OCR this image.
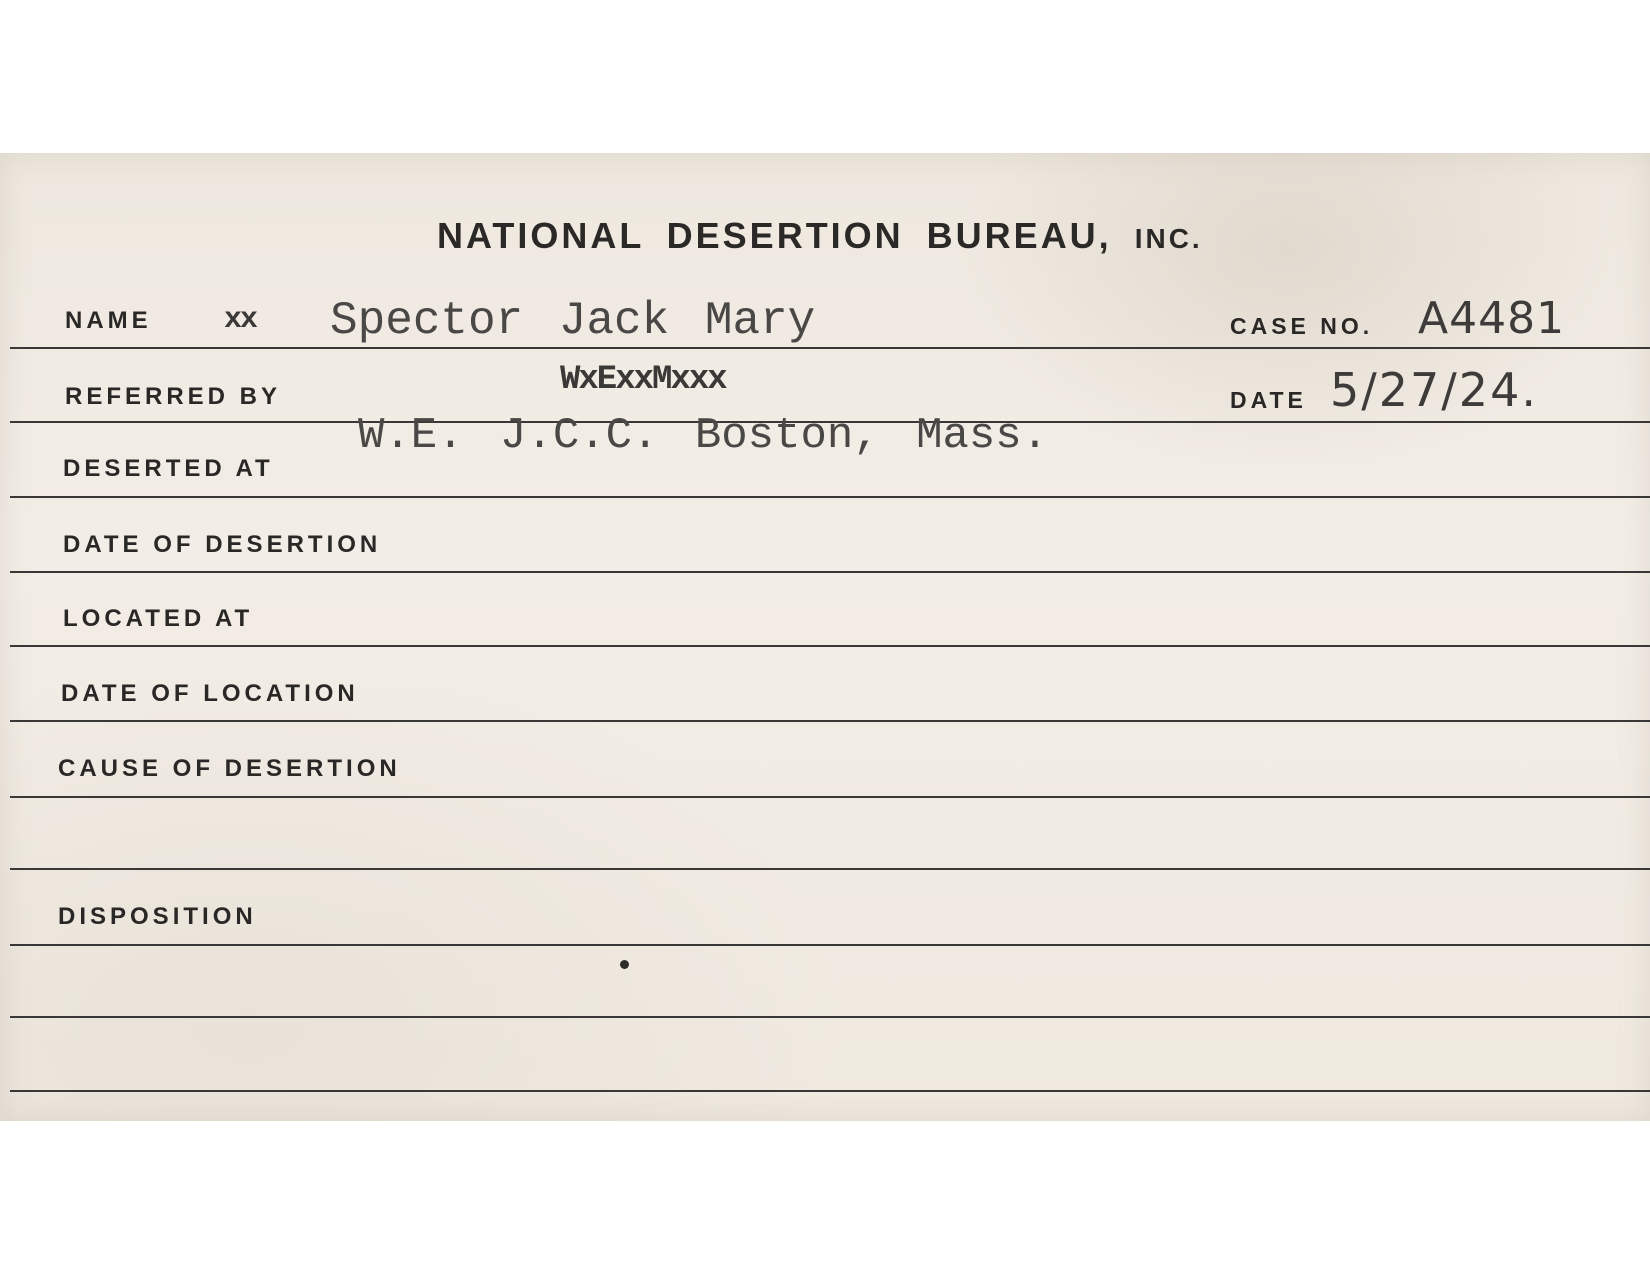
NATIONAL DESERTION BUREAU, INC.
NAME xx Spector Jack Mary	CASE NO. A4481
REFERRED BY	WxExxMxxx
DATE 5/27/24.
W.E. J.C.C. Boston, Mass.
DESERTED AT
DATE OF DESERTION
LOCATED AT
DATE OF LOCATION
CAUSE OF DESERTION
DISPOSITION
